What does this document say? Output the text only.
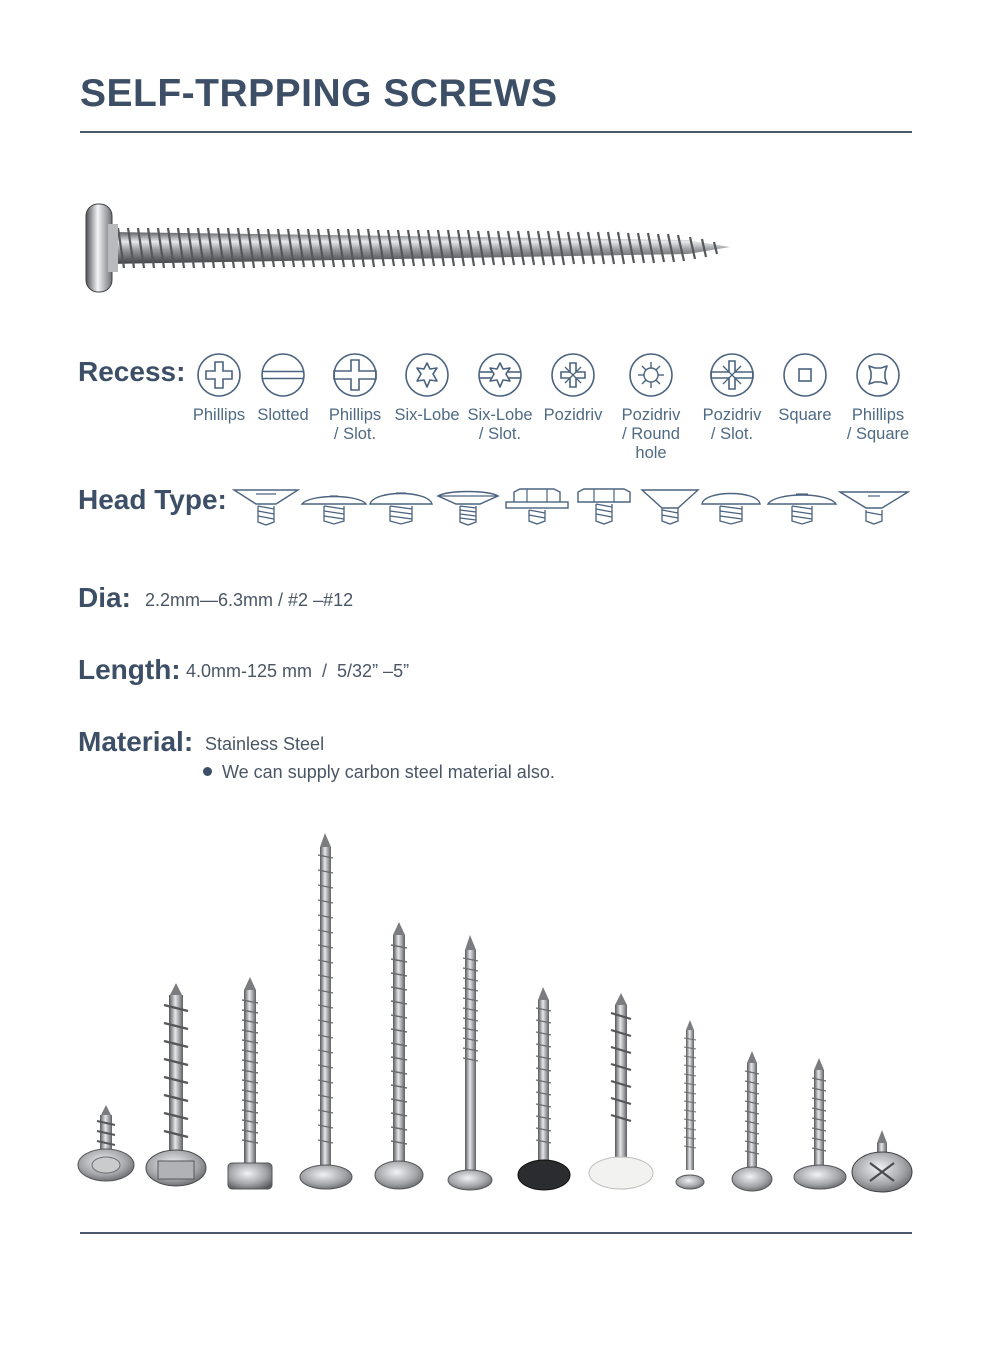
SELF-TRPPING SCREWS
Recess:
Phillips Slotted	Phillips
/ Slot.
Six-Lobe Six-Lobe
/ Slot.
Pozidriv	Pozidriv
/ Round hole
Pozidriv
/ Slot.
Square	Phillips
/ Square
Head Type:
Dia: 2.2mm—6.3mm / #2 –#12
Length: 4.0mm-125 mm  /  5/32” –5”
Material: Stainless Steel
We can supply carbon steel material also.
